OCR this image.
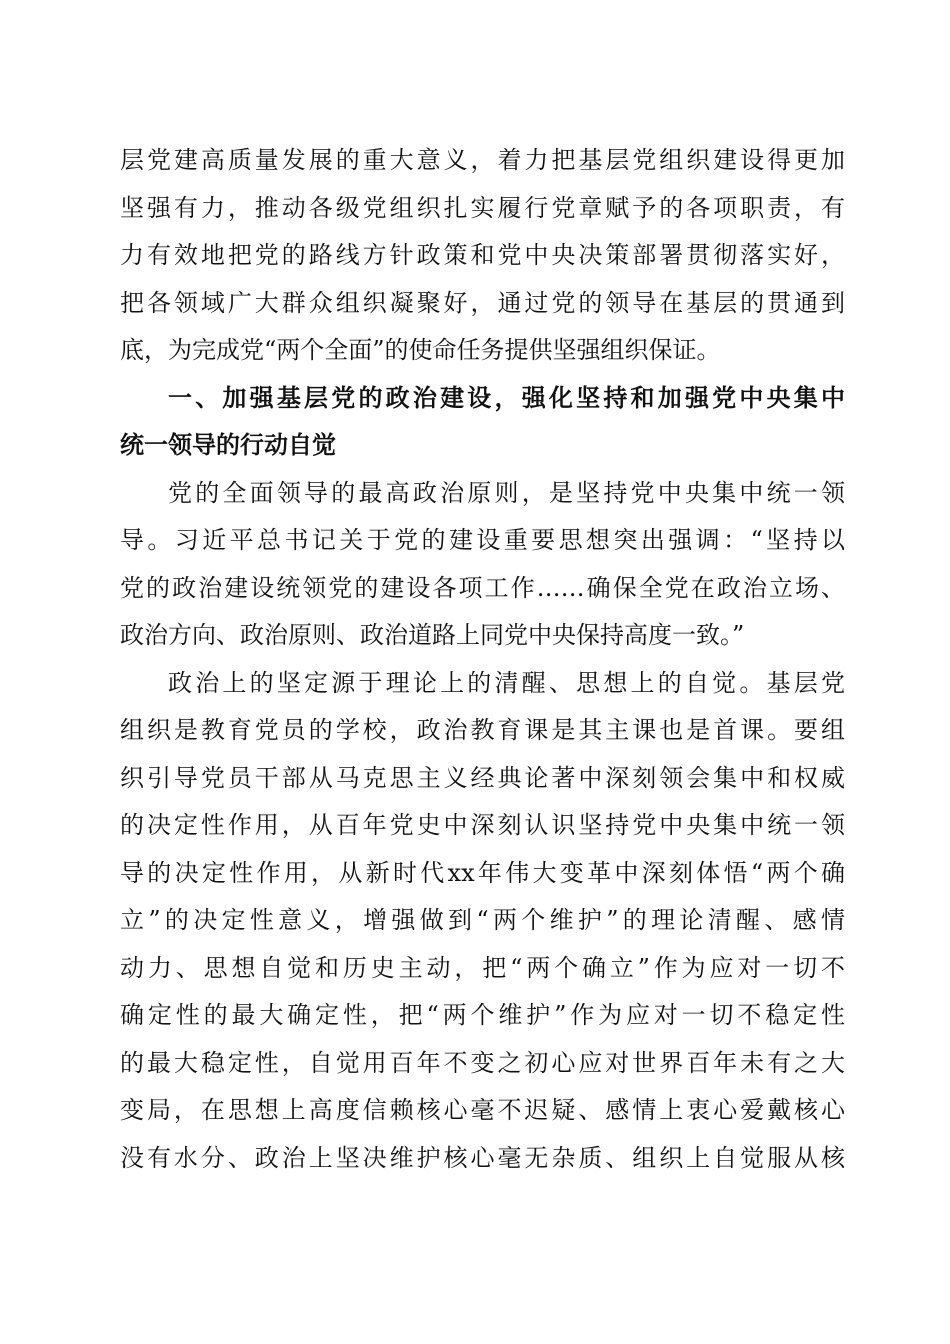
层党建高质量发展的重大意义，着力把基层党组织建设得更加
坚强有力，推动各级党组织扎实履行党章赋予的各项职责，有
力有效地把党的路线方针政策和党中央决策部署贯彻落实好，
把各领域广大群众组织凝聚好，通过党的领导在基层的贯通到
底，为完成党“两个全面”的使命任务提供坚强组织保证。
一、加强基层党的政治建设，强化坚持和加强党中央集中
统一领导的行动自觉
党的全面领导的最高政治原则，是坚持党中央集中统一领
导。习近平总书记关于党的建设重要思想突出强调：“坚持以
党的政治建设统领党的建设各项工作……确保全党在政治立场、
政治方向、政治原则、政治道路上同党中央保持高度一致。”
政治上的坚定源于理论上的清醒、思想上的自觉。基层党
组织是教育党员的学校，政治教育课是其主课也是首课。要组
织引导党员干部从马克思主义经典论著中深刻领会集中和权威
的决定性作用，从百年党史中深刻认识坚持党中央集中统一领
导的决定性作用，从新时代xx年伟大变革中深刻体悟“两个确
立”的决定性意义，增强做到“两个维护”的理论清醒、感情
动力、思想自觉和历史主动，把“两个确立”作为应对一切不
确定性的最大确定性，把“两个维护”作为应对一切不稳定性
的最大稳定性，自觉用百年不变之初心应对世界百年未有之大
变局，在思想上高度信赖核心毫不迟疑、感情上衷心爱戴核心
没有水分、政治上坚决维护核心毫无杂质、组织上自觉服从核
